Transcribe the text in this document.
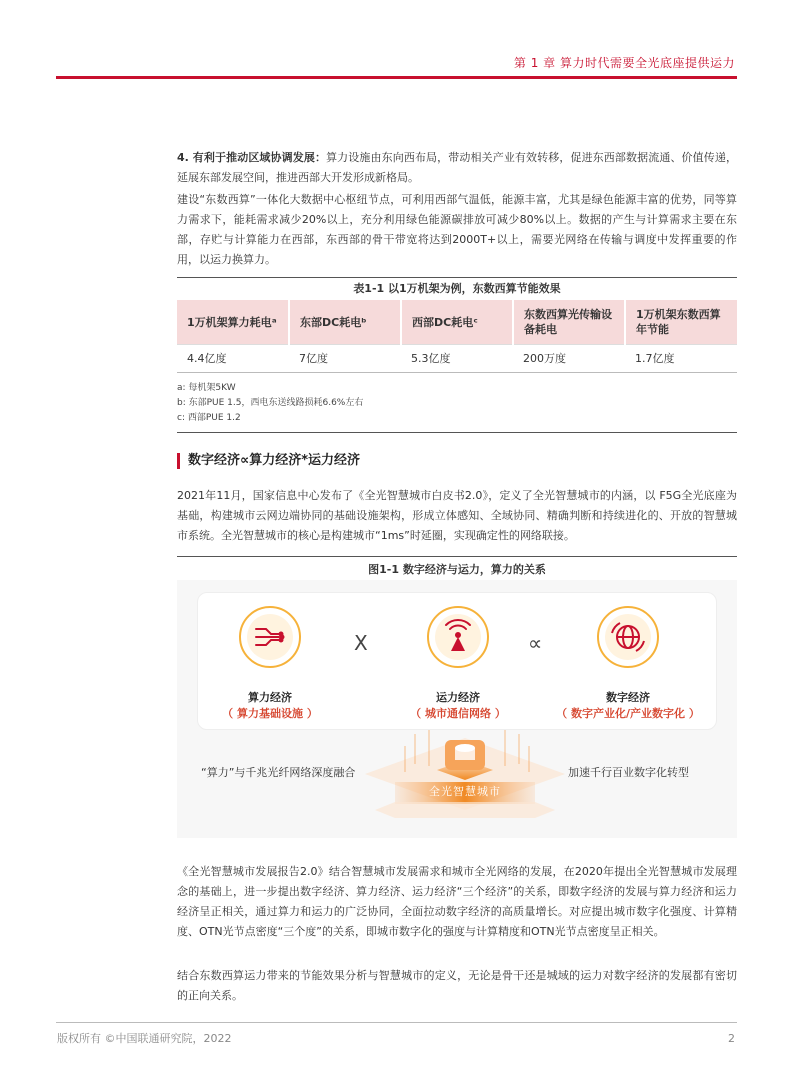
第 1 章 算力时代需要全光底座提供运力

4. 有利于推动区域协调发展：算力设施由东向西布局，带动相关产业有效转移，促进东西部数据流通、价值传递，延展东部发展空间，推进西部大开发形成新格局。

建设“东数西算”一体化大数据中心枢纽节点，可利用西部气温低，能源丰富，尤其是绿色能源丰富的优势，同等算力需求下，能耗需求减少20%以上，充分利用绿色能源碳排放可减少80%以上。数据的产生与计算需求主要在东部，存贮与计算能力在西部，东西部的骨干带宽将达到2000T+以上，需要光网络在传输与调度中发挥重要的作用，以运力换算力。

表1-1 以1万机架为例，东数西算节能效果
1万机架算力耗电ᵃ	东部DC耗电ᵇ	西部DC耗电ᶜ	东数西算光传输设备耗电	1万机架东数西算年节能
4.4亿度	7亿度	5.3亿度	200万度	1.7亿度
a: 每机架5KW
b: 东部PUE 1.5，西电东送线路损耗6.6%左右
c: 西部PUE 1.2
数字经济∝算力经济*运力经济

2021年11月，国家信息中心发布了《全光智慧城市白皮书2.0》，定义了全光智慧城市的内涵，以 F5G全光底座为基础，构建城市云网边端协同的基础设施架构，形成立体感知、全域协同、精确判断和持续进化的、开放的智慧城市系统。全光智慧城市的核心是构建城市“1ms”时延圈，实现确定性的网络联接。

图1-1 数字经济与运力，算力的关系
X	∝
算力经济
（ 算力基础设施 ）
运力经济
（ 城市通信网络 ）
数字经济
（ 数字产业化/产业数字化 ）
全光智慧城市
“算力”与千兆光纤网络深度融合	加速千行百业数字化转型

《全光智慧城市发展报告2.0》结合智慧城市发展需求和城市全光网络的发展，在2020年提出全光智慧城市发展理念的基础上，进一步提出数字经济、算力经济、运力经济“三个经济”的关系，即数字经济的发展与算力经济和运力经济呈正相关，通过算力和运力的广泛协同，全面拉动数字经济的高质量增长。对应提出城市数字化强度、计算精度、OTN光节点密度“三个度”的关系，即城市数字化的强度与计算精度和OTN光节点密度呈正相关。

结合东数西算运力带来的节能效果分析与智慧城市的定义，无论是骨干还是城域的运力对数字经济的发展都有密切的正向关系。

版权所有 ©中国联通研究院，2022	2
